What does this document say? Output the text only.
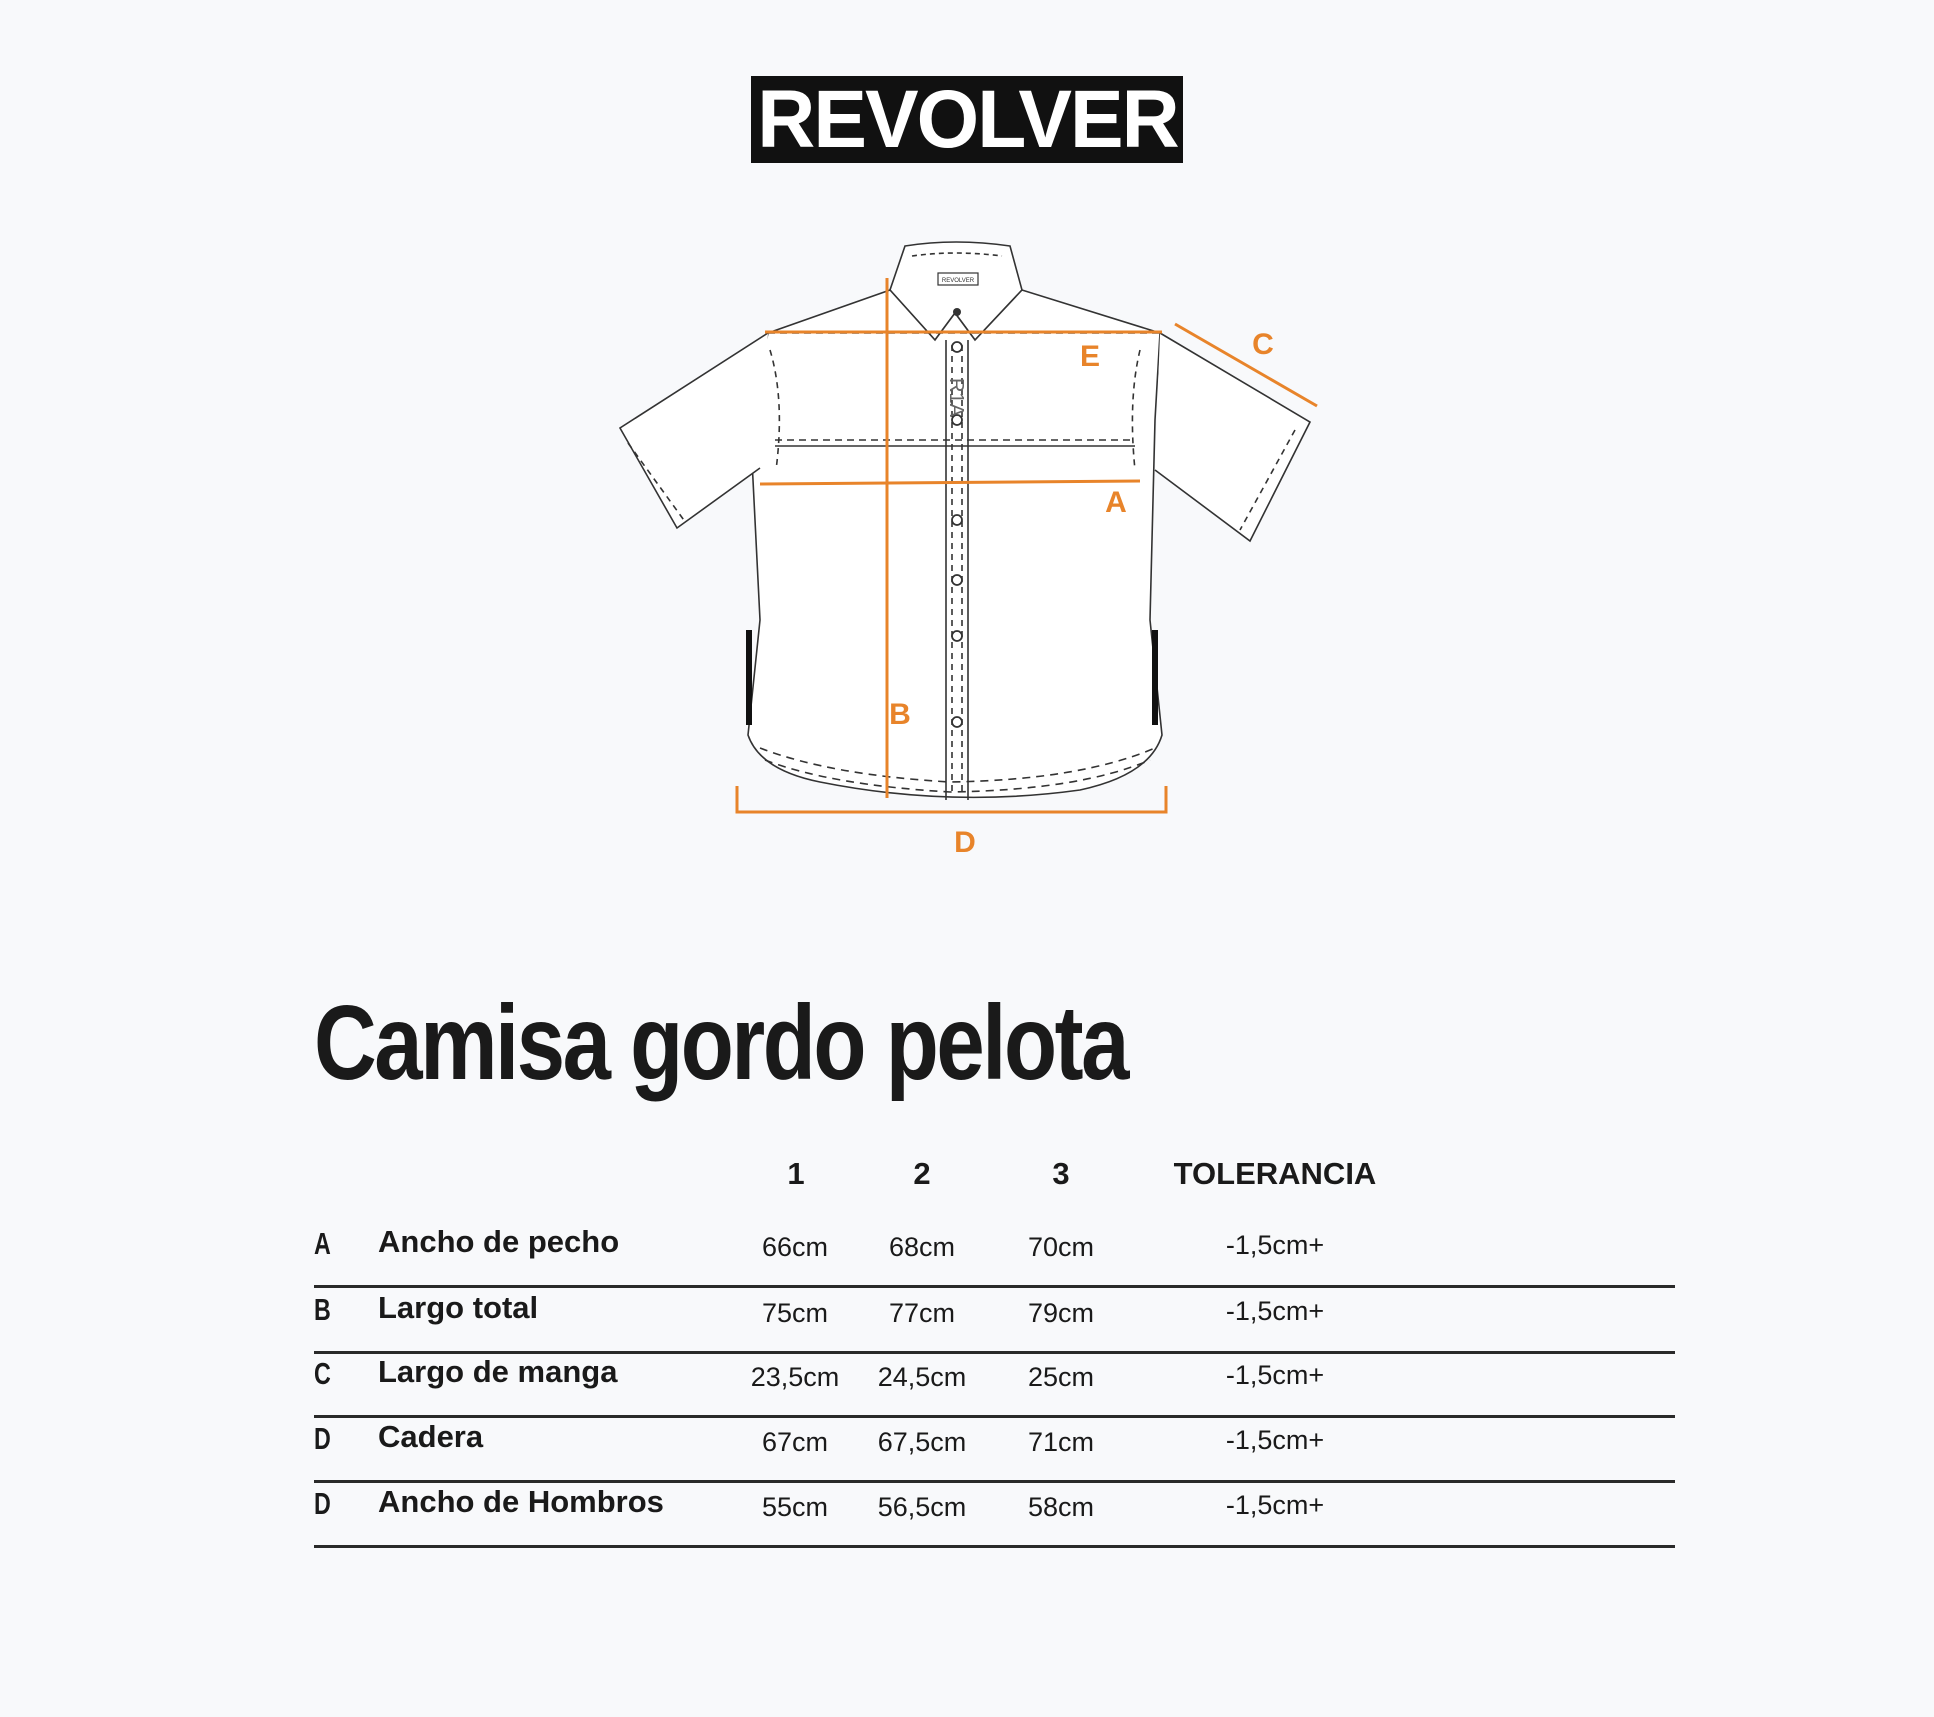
REVOLVER
REVOLVER
R1A
E
A
B
C
D
Camisa gordo pelota
1	2	3	TOLERANCIA
A Ancho de pecho	66cm 68cm	70cm	-1,5cm+
B Largo total	75cm 77cm	79cm	-1,5cm+
C Largo de manga	23,5cm 24,5cm 25cm	-1,5cm+
D Cadera	67cm 67,5cm 71cm	-1,5cm+
D Ancho de Hombros	55cm 56,5cm 58cm	-1,5cm+
